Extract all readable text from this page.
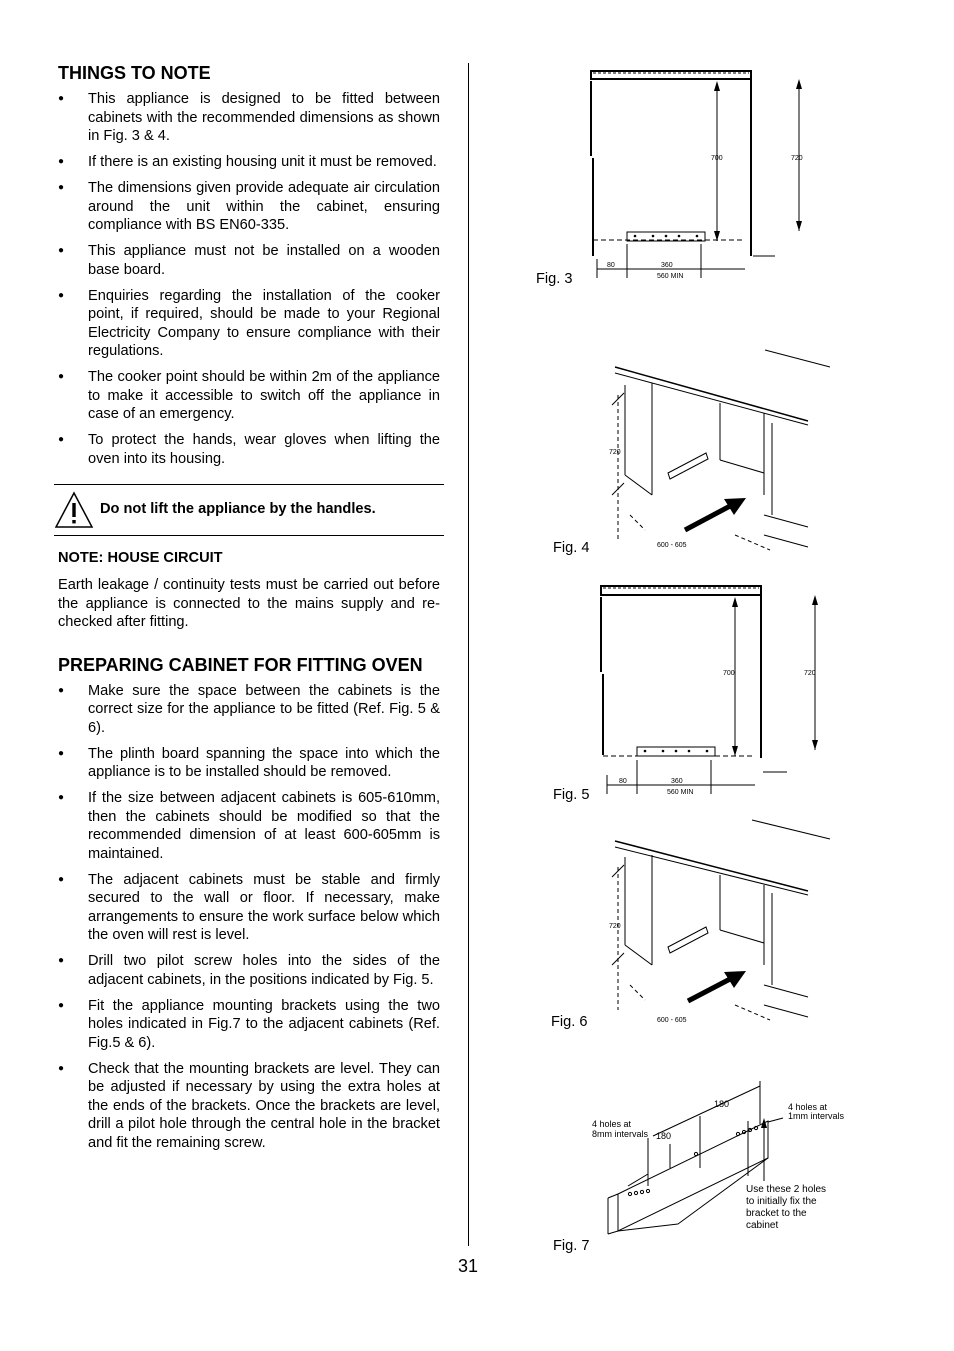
THINGS TO NOTE
● This appliance is designed to be fitted between cabinets with the recommended dimensions as shown in Fig. 3 & 4.
● If there is an existing housing unit it must be removed.
● The dimensions given provide adequate air circulation around the unit within the cabinet, ensuring compliance with BS EN60-335.
● This appliance must not be installed on a wooden base board.
● Enquiries regarding the installation of the cooker point, if required, should be made to your Regional Electricity Company to ensure compliance with their regulations.
● The cooker point should be within 2m of the appliance to make it accessible to switch off the appliance in case of an emergency.
● To protect the hands, wear gloves when lifting the oven into its housing.
Do not lift the appliance by the handles.
NOTE: HOUSE CIRCUIT

Earth leakage / continuity tests must be carried out before the appliance is connected to the mains supply and re-checked after fitting.

PREPARING CABINET FOR FITTING OVEN
● Make sure the space between the cabinets is the correct size for the appliance to be fitted (Ref. Fig. 5 & 6).
● The plinth board spanning the space into which the appliance is to be installed should be removed.
● If the size between adjacent cabinets is 605-610mm, then the cabinets should be modified so that the recommended dimension of at least 600-605mm is maintained.
● The adjacent cabinets must be stable and firmly secured to the wall or floor. If necessary, make arrangements to ensure the work surface below which the oven will rest is level.
● Drill two pilot screw holes into the sides of the adjacent cabinets, in the positions indicated by Fig. 5.
● Fit the appliance mounting brackets using the two holes indicated in Fig.7 to the adjacent cabinets (Ref. Fig.5 & 6).
● Check that the mounting brackets are level. They can be adjusted if necessary by using the extra holes at the ends of the brackets. Once the brackets are level, drill a pilot hole through the central hole in the bracket and fit the remaining screw.
700	720
80	360
560 MIN
Fig. 3
720
600 - 605
Fig. 4
700	720
80	360
560 MIN
Fig. 5
720
600 - 605
Fig. 6
180
180
4 holes at
8mm intervals
4 holes at
1mm intervals
Use these 2 holes
to initially fix the
bracket to the
cabinet
Fig. 7
31
